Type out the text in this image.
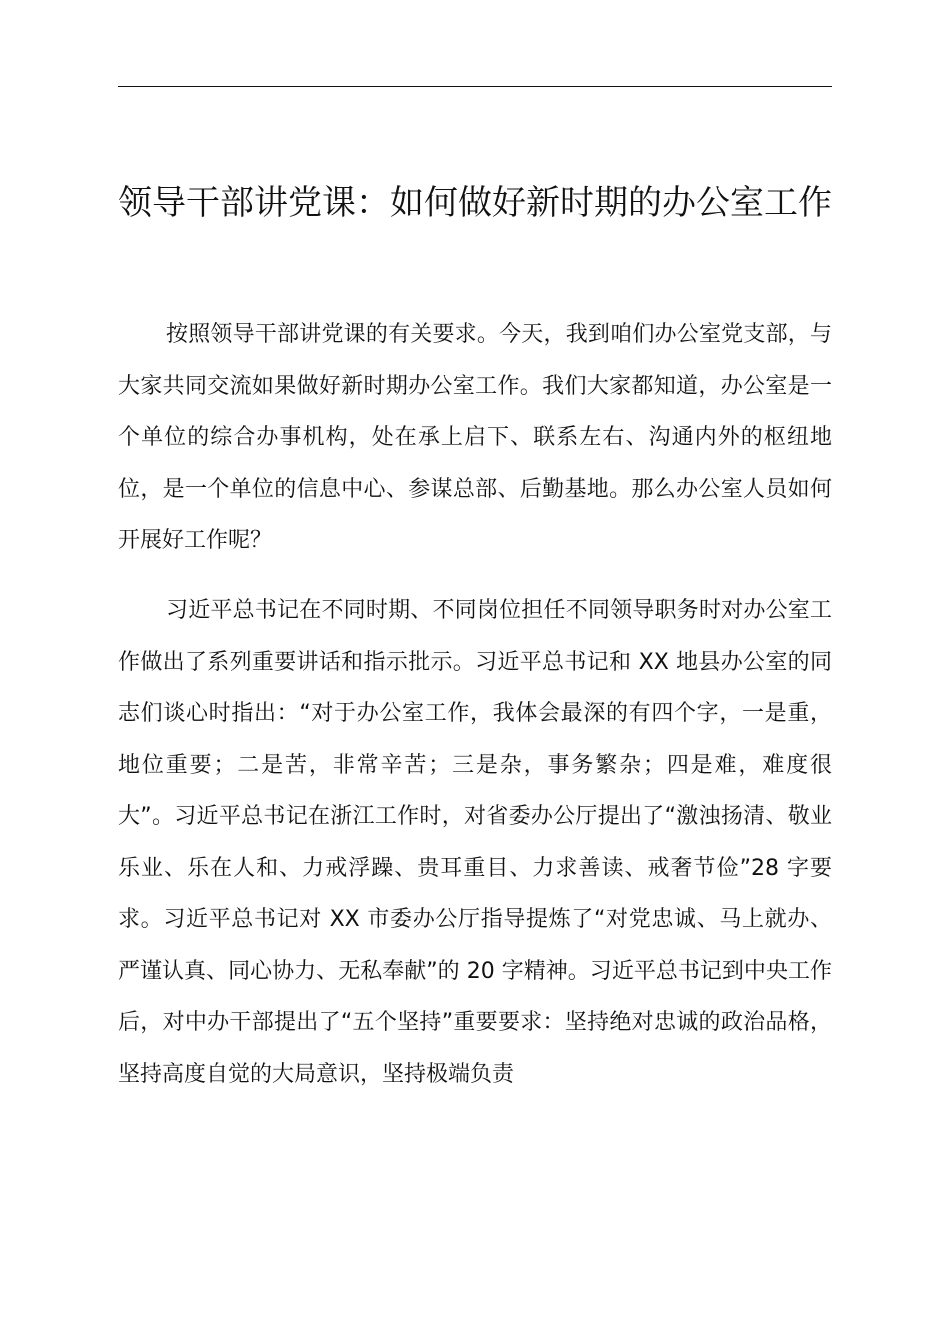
领导干部讲党课：如何做好新时期的办公室工作

按照领导干部讲党课的有关要求。今天，我到咱们办公室党支部，与大家共同交流如果做好新时期办公室工作。我们大家都知道，办公室是一个单位的综合办事机构，处在承上启下、联系左右、沟通内外的枢纽地位，是一个单位的信息中心、参谋总部、后勤基地。那么办公室人员如何开展好工作呢？

习近平总书记在不同时期、不同岗位担任不同领导职务时对办公室工作做出了系列重要讲话和指示批示。习近平总书记和 XX 地县办公室的同志们谈心时指出：“对于办公室工作，我体会最深的有四个字，一是重，地位重要；二是苦，非常辛苦；三是杂，事务繁杂；四是难，难度很大”。习近平总书记在浙江工作时，对省委办公厅提出了“激浊扬清、敬业乐业、乐在人和、力戒浮躁、贵耳重目、力求善读、戒奢节俭”28 字要求。习近平总书记对 XX 市委办公厅指导提炼了“对党忠诚、马上就办、严谨认真、同心协力、无私奉献”的 20 字精神。习近平总书记到中央工作后，对中办干部提出了“五个坚持”重要要求：坚持绝对忠诚的政治品格，坚持高度自觉的大局意识，坚持极端负责
